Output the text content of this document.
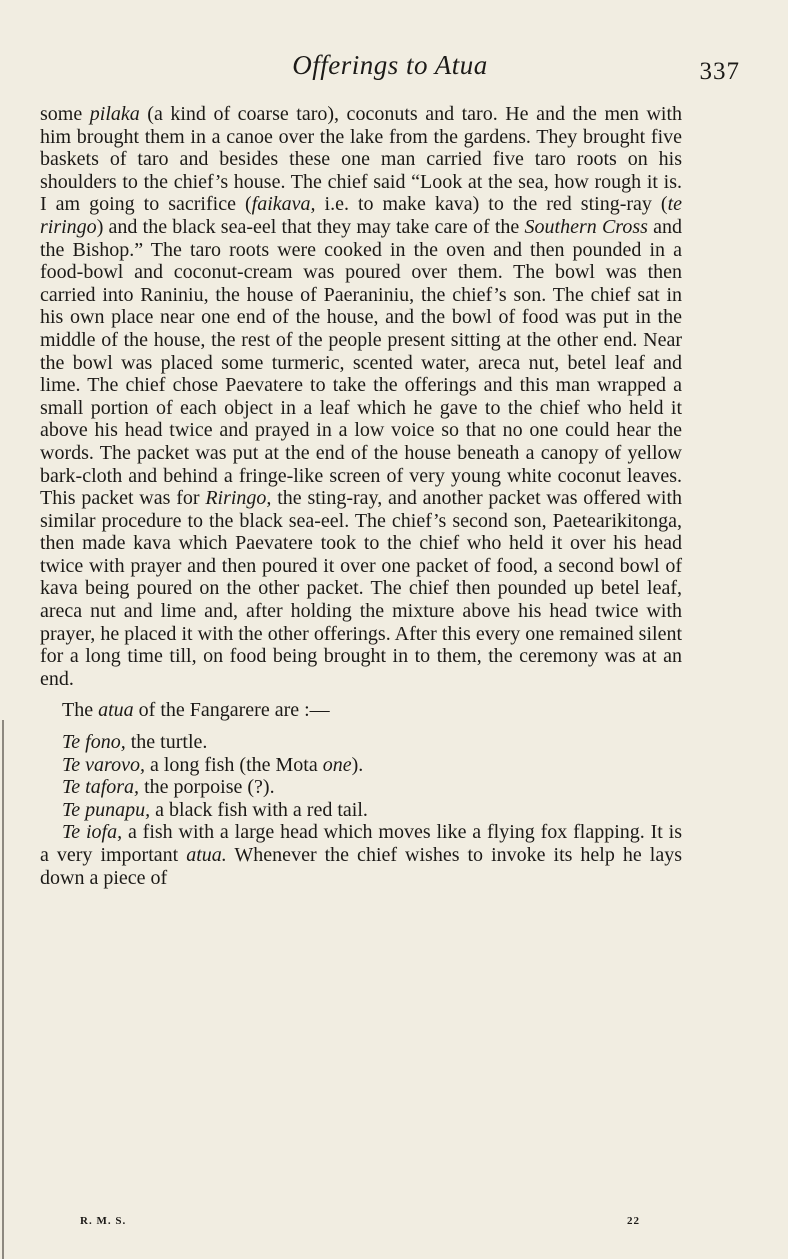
Offerings to Atua	337

some pilaka (a kind of coarse taro), coconuts and taro. He and the men with him brought them in a canoe over the lake from the gardens. They brought five baskets of taro and besides these one man carried five taro roots on his shoulders to the chief’s house. The chief said “Look at the sea, how rough it is. I am going to sacrifice (faikava, i.e. to make kava) to the red sting-ray (te riringo) and the black sea-eel that they may take care of the Southern Cross and the Bishop.” The taro roots were cooked in the oven and then pounded in a food-bowl and coconut-cream was poured over them. The bowl was then carried into Raniniu, the house of Paeraniniu, the chief’s son. The chief sat in his own place near one end of the house, and the bowl of food was put in the middle of the house, the rest of the people present sitting at the other end. Near the bowl was placed some turmeric, scented water, areca nut, betel leaf and lime. The chief chose Paevatere to take the offerings and this man wrapped a small portion of each object in a leaf which he gave to the chief who held it above his head twice and prayed in a low voice so that no one could hear the words. The packet was put at the end of the house beneath a canopy of yellow bark-cloth and behind a fringe-like screen of very young white coconut leaves. This packet was for Riringo, the sting-ray, and another packet was offered with similar procedure to the black sea-eel. The chief’s second son, Paetearikitonga, then made kava which Paevatere took to the chief who held it over his head twice with prayer and then poured it over one packet of food, a second bowl of kava being poured on the other packet. The chief then pounded up betel leaf, areca nut and lime and, after holding the mixture above his head twice with prayer, he placed it with the other offerings. After this every one remained silent for a long time till, on food being brought in to them, the ceremony was at an end.

The atua of the Fangarere are :—

Te fono, the turtle.

Te varovo, a long fish (the Mota one).

Te tafora, the porpoise (?).

Te punapu, a black fish with a red tail.

Te iofa, a fish with a large head which moves like a flying fox flapping. It is a very important atua. Whenever the chief wishes to invoke its help he lays down a piece of

R. M. S.	22
